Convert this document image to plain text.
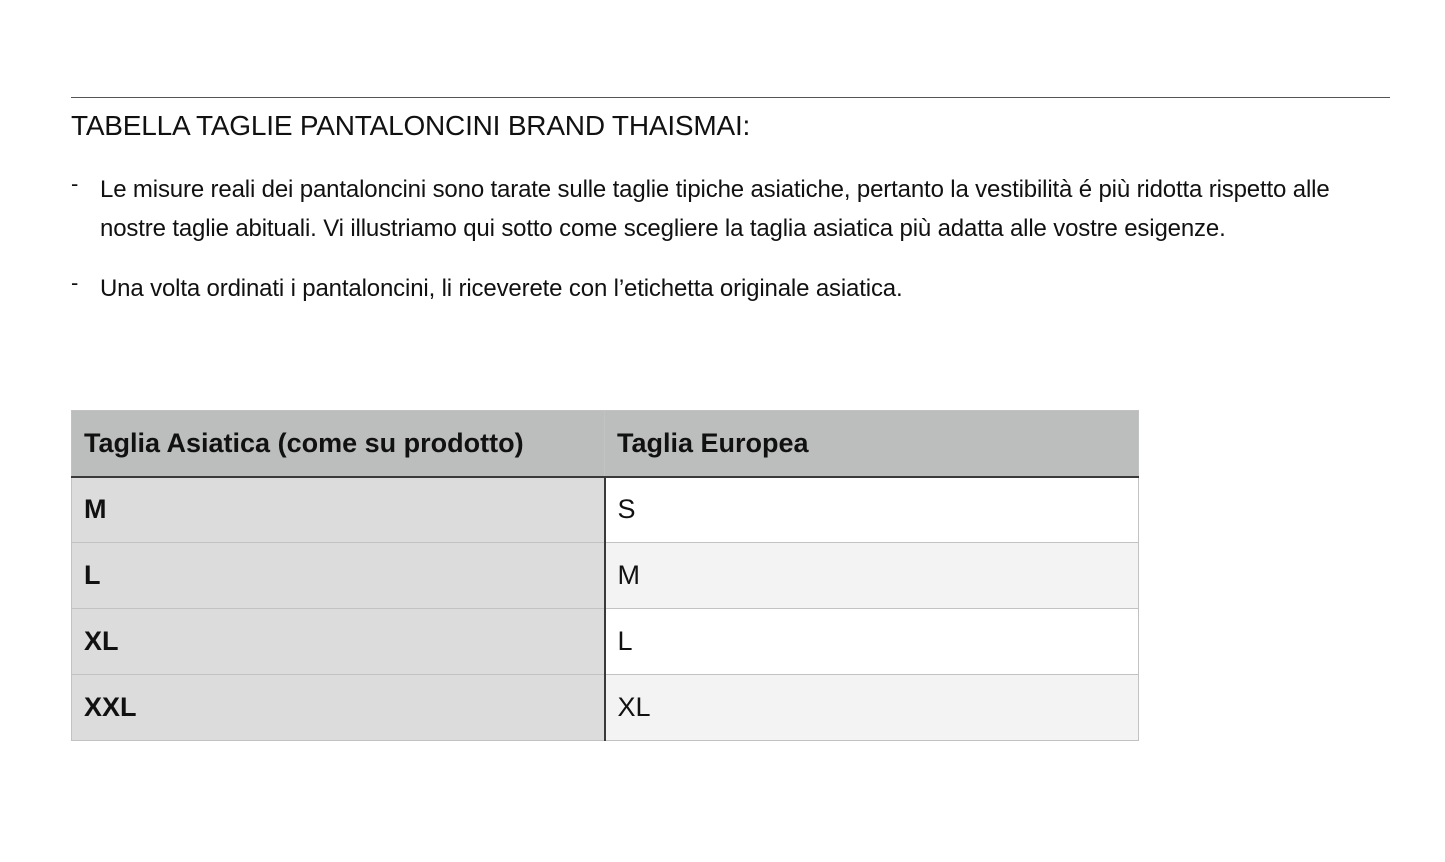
TABELLA TAGLIE PANTALONCINI BRAND THAISMAI:
- Le misure reali dei pantaloncini sono tarate sulle taglie tipiche asiatiche, pertanto la vestibilità é più ridotta rispetto alle nostre taglie abituali. Vi illustriamo qui sotto come scegliere la taglia asiatica più adatta alle vostre esigenze.
- Una volta ordinati i pantaloncini, li riceverete con l’etichetta originale asiatica.
Taglia Asiatica (come su prodotto)	Taglia Europea
M	S
L	M
XL	L
XXL	XL
